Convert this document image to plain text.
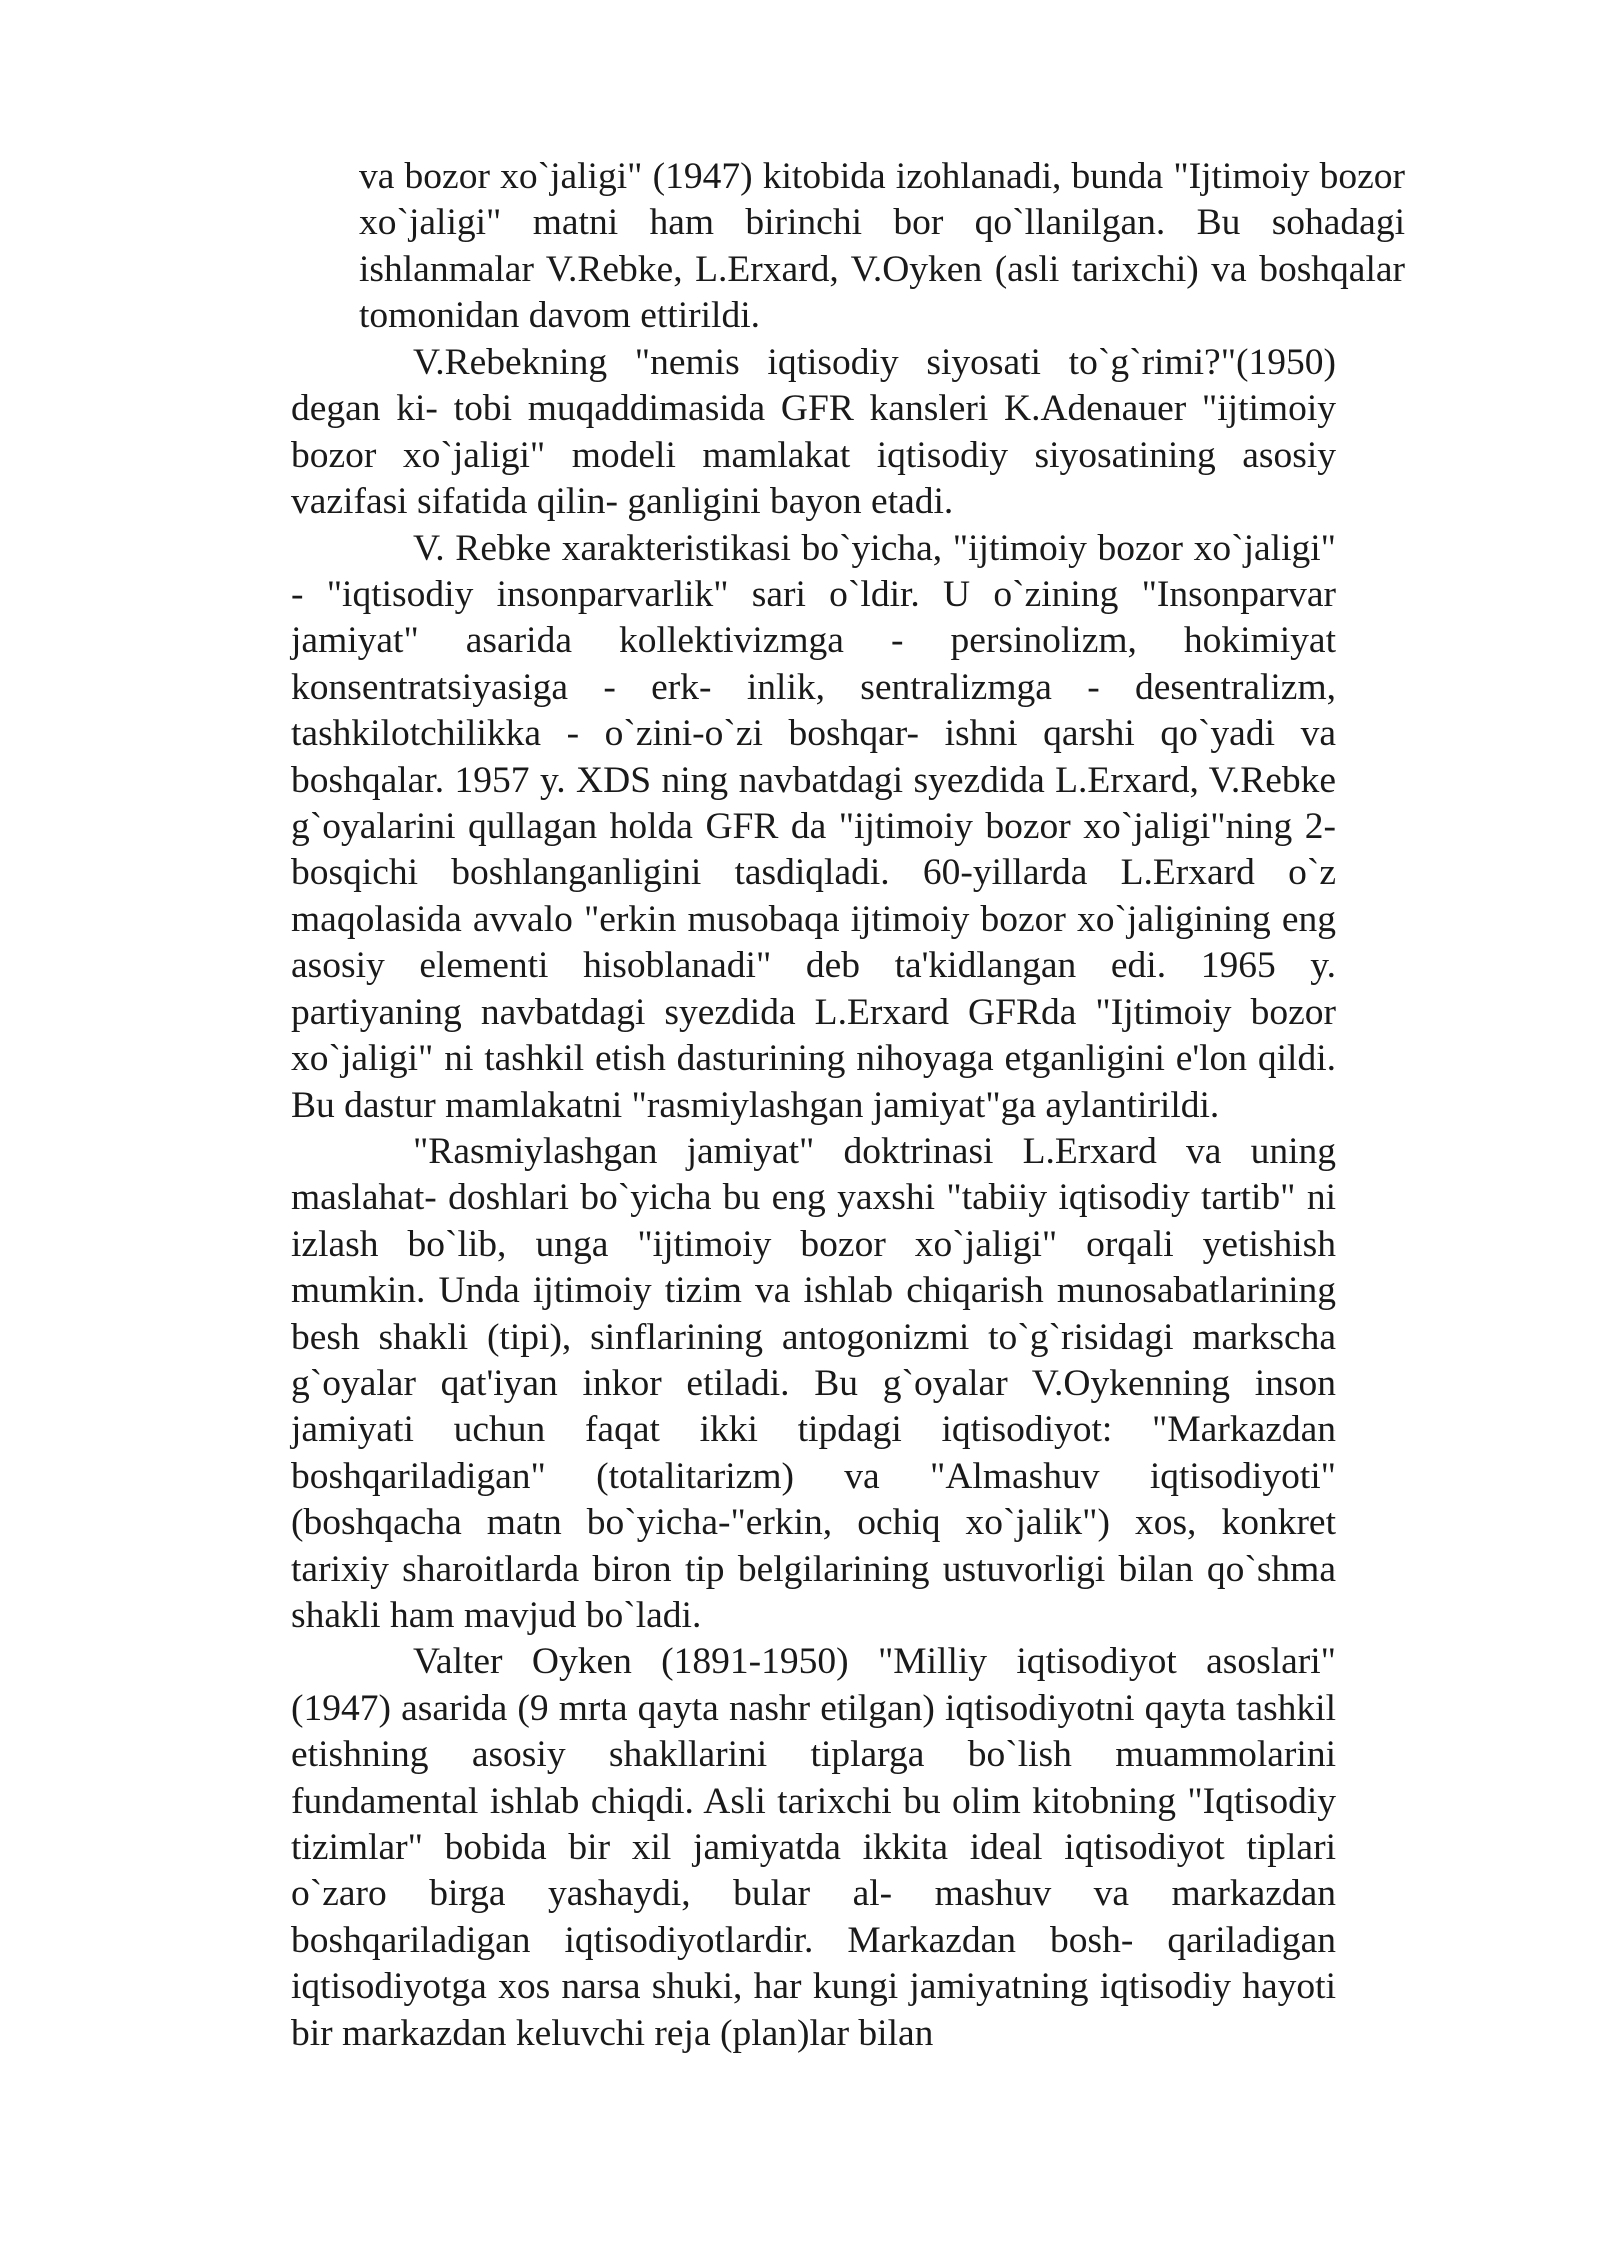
va bozor xo`jaligi" (1947) kitobida izohlanadi, bunda "Ijtimoiy bozor xo`jaligi" matni ham birinchi bor qo`llanilgan. Bu sohadagi ishlanmalar V.Rebke, L.Erxard, V.Oyken (asli tarixchi) va boshqalar tomonidan davom ettirildi.

V.Rebekning "nemis iqtisodiy siyosati to`g`rimi?"(1950) degan ki- tobi muqaddimasida GFR kansleri K.Adenauer "ijtimoiy bozor xo`jaligi" modeli mamlakat iqtisodiy siyosatining asosiy vazifasi sifatida qilin- ganligini bayon etadi.

V. Rebke xarakteristikasi bo`yicha, "ijtimoiy bozor xo`jaligi" - "iqtisodiy insonparvarlik" sari o`ldir. U o`zining "Insonparvar jamiyat" asarida kollektivizmga - persinolizm, hokimiyat konsentratsiyasiga - erk- inlik, sentralizmga - desentralizm, tashkilotchilikka - o`zini-o`zi boshqar- ishni qarshi qo`yadi va boshqalar. 1957 y. XDS ning navbatdagi syezdida L.Erxard, V.Rebke g`oyalarini qullagan holda GFR da "ijtimoiy bozor xo`jaligi"ning 2- bosqichi boshlanganligini tasdiqladi. 60-yillarda L.Erxard o`z maqolasida avvalo "erkin musobaqa ijtimoiy bozor xo`jaligining eng asosiy elementi hisoblanadi" deb ta'kidlangan edi. 1965 y. partiyaning navbatdagi syezdida L.Erxard GFRda "Ijtimoiy bozor xo`jaligi" ni tashkil etish dasturining nihoyaga etganligini e'lon qildi. Bu dastur mamlakatni "rasmiylashgan jamiyat"ga aylantirildi.

"Rasmiylashgan jamiyat" doktrinasi L.Erxard va uning maslahat- doshlari bo`yicha bu eng yaxshi "tabiiy iqtisodiy tartib" ni izlash bo`lib, unga "ijtimoiy bozor xo`jaligi" orqali yetishish mumkin. Unda ijtimoiy tizim va ishlab chiqarish munosabatlarining besh shakli (tipi), sinflarining antogonizmi to`g`risidagi markscha g`oyalar qat'iyan inkor etiladi. Bu g`oyalar V.Oykenning inson jamiyati uchun faqat ikki tipdagi iqtisodiyot: "Markazdan boshqariladigan" (totalitarizm) va "Almashuv iqtisodiyoti" (boshqacha matn bo`yicha-"erkin, ochiq xo`jalik") xos, konkret tarixiy sharoitlarda biron tip belgilarining ustuvorligi bilan qo`shma shakli ham mavjud bo`ladi.

Valter Oyken (1891-1950) "Milliy iqtisodiyot asoslari" (1947) asarida (9 mrta qayta nashr etilgan) iqtisodiyotni qayta tashkil etishning asosiy shakllarini tiplarga bo`lish muammolarini fundamental ishlab chiqdi. Asli tarixchi bu olim kitobning "Iqtisodiy tizimlar" bobida bir xil jamiyatda ikkita ideal iqtisodiyot tiplari o`zaro birga yashaydi, bular al- mashuv va markazdan boshqariladigan iqtisodiyotlardir. Markazdan bosh- qariladigan iqtisodiyotga xos narsa shuki, har kungi jamiyatning iqtisodiy hayoti bir markazdan keluvchi reja (plan)lar bilan
